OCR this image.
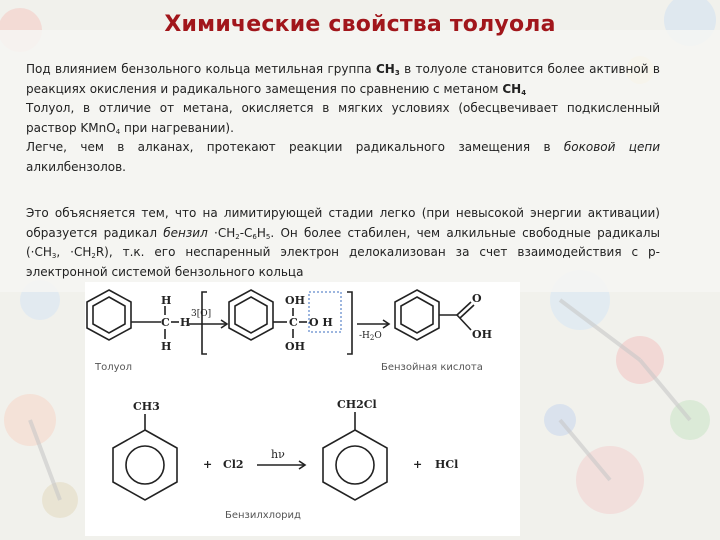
Химические свойства толуола

Под влиянием бензольного кольца метильная группа $CH_3$ в толуоле становится более активной в реакциях окисления и радикального замещения по сравнению с метаном $CH_4$

Толуол, в отличие от метана, окисляется в мягких условиях (обесцвечивает подкисленный раствор KMnO$_4$ при нагревании).

Легче, чем в алканах, протекают реакции радикального замещения в боковой цепи алкилбензолов.

Это объясняется тем, что на лимитирующей стадии легко (при невысокой энергии активации) образуется радикал бензил $\cdot CH_2-C_6H_5$. Он более стабилен, чем алкильные свободные радикалы ($\cdot CH_3$, $\cdot CH_2R$), т.к. его неспаренный электрон делокализован за счет взаимодействия с p-электронной системой бензольного кольца

H
C H
H
3[O]
OH
C O H
OH
$-H_2O$
O
OH
Толуол	Бензойная кислота
CH3
+ Cl2
hν
CH2Cl
+ HCl
Бензилхлорид
